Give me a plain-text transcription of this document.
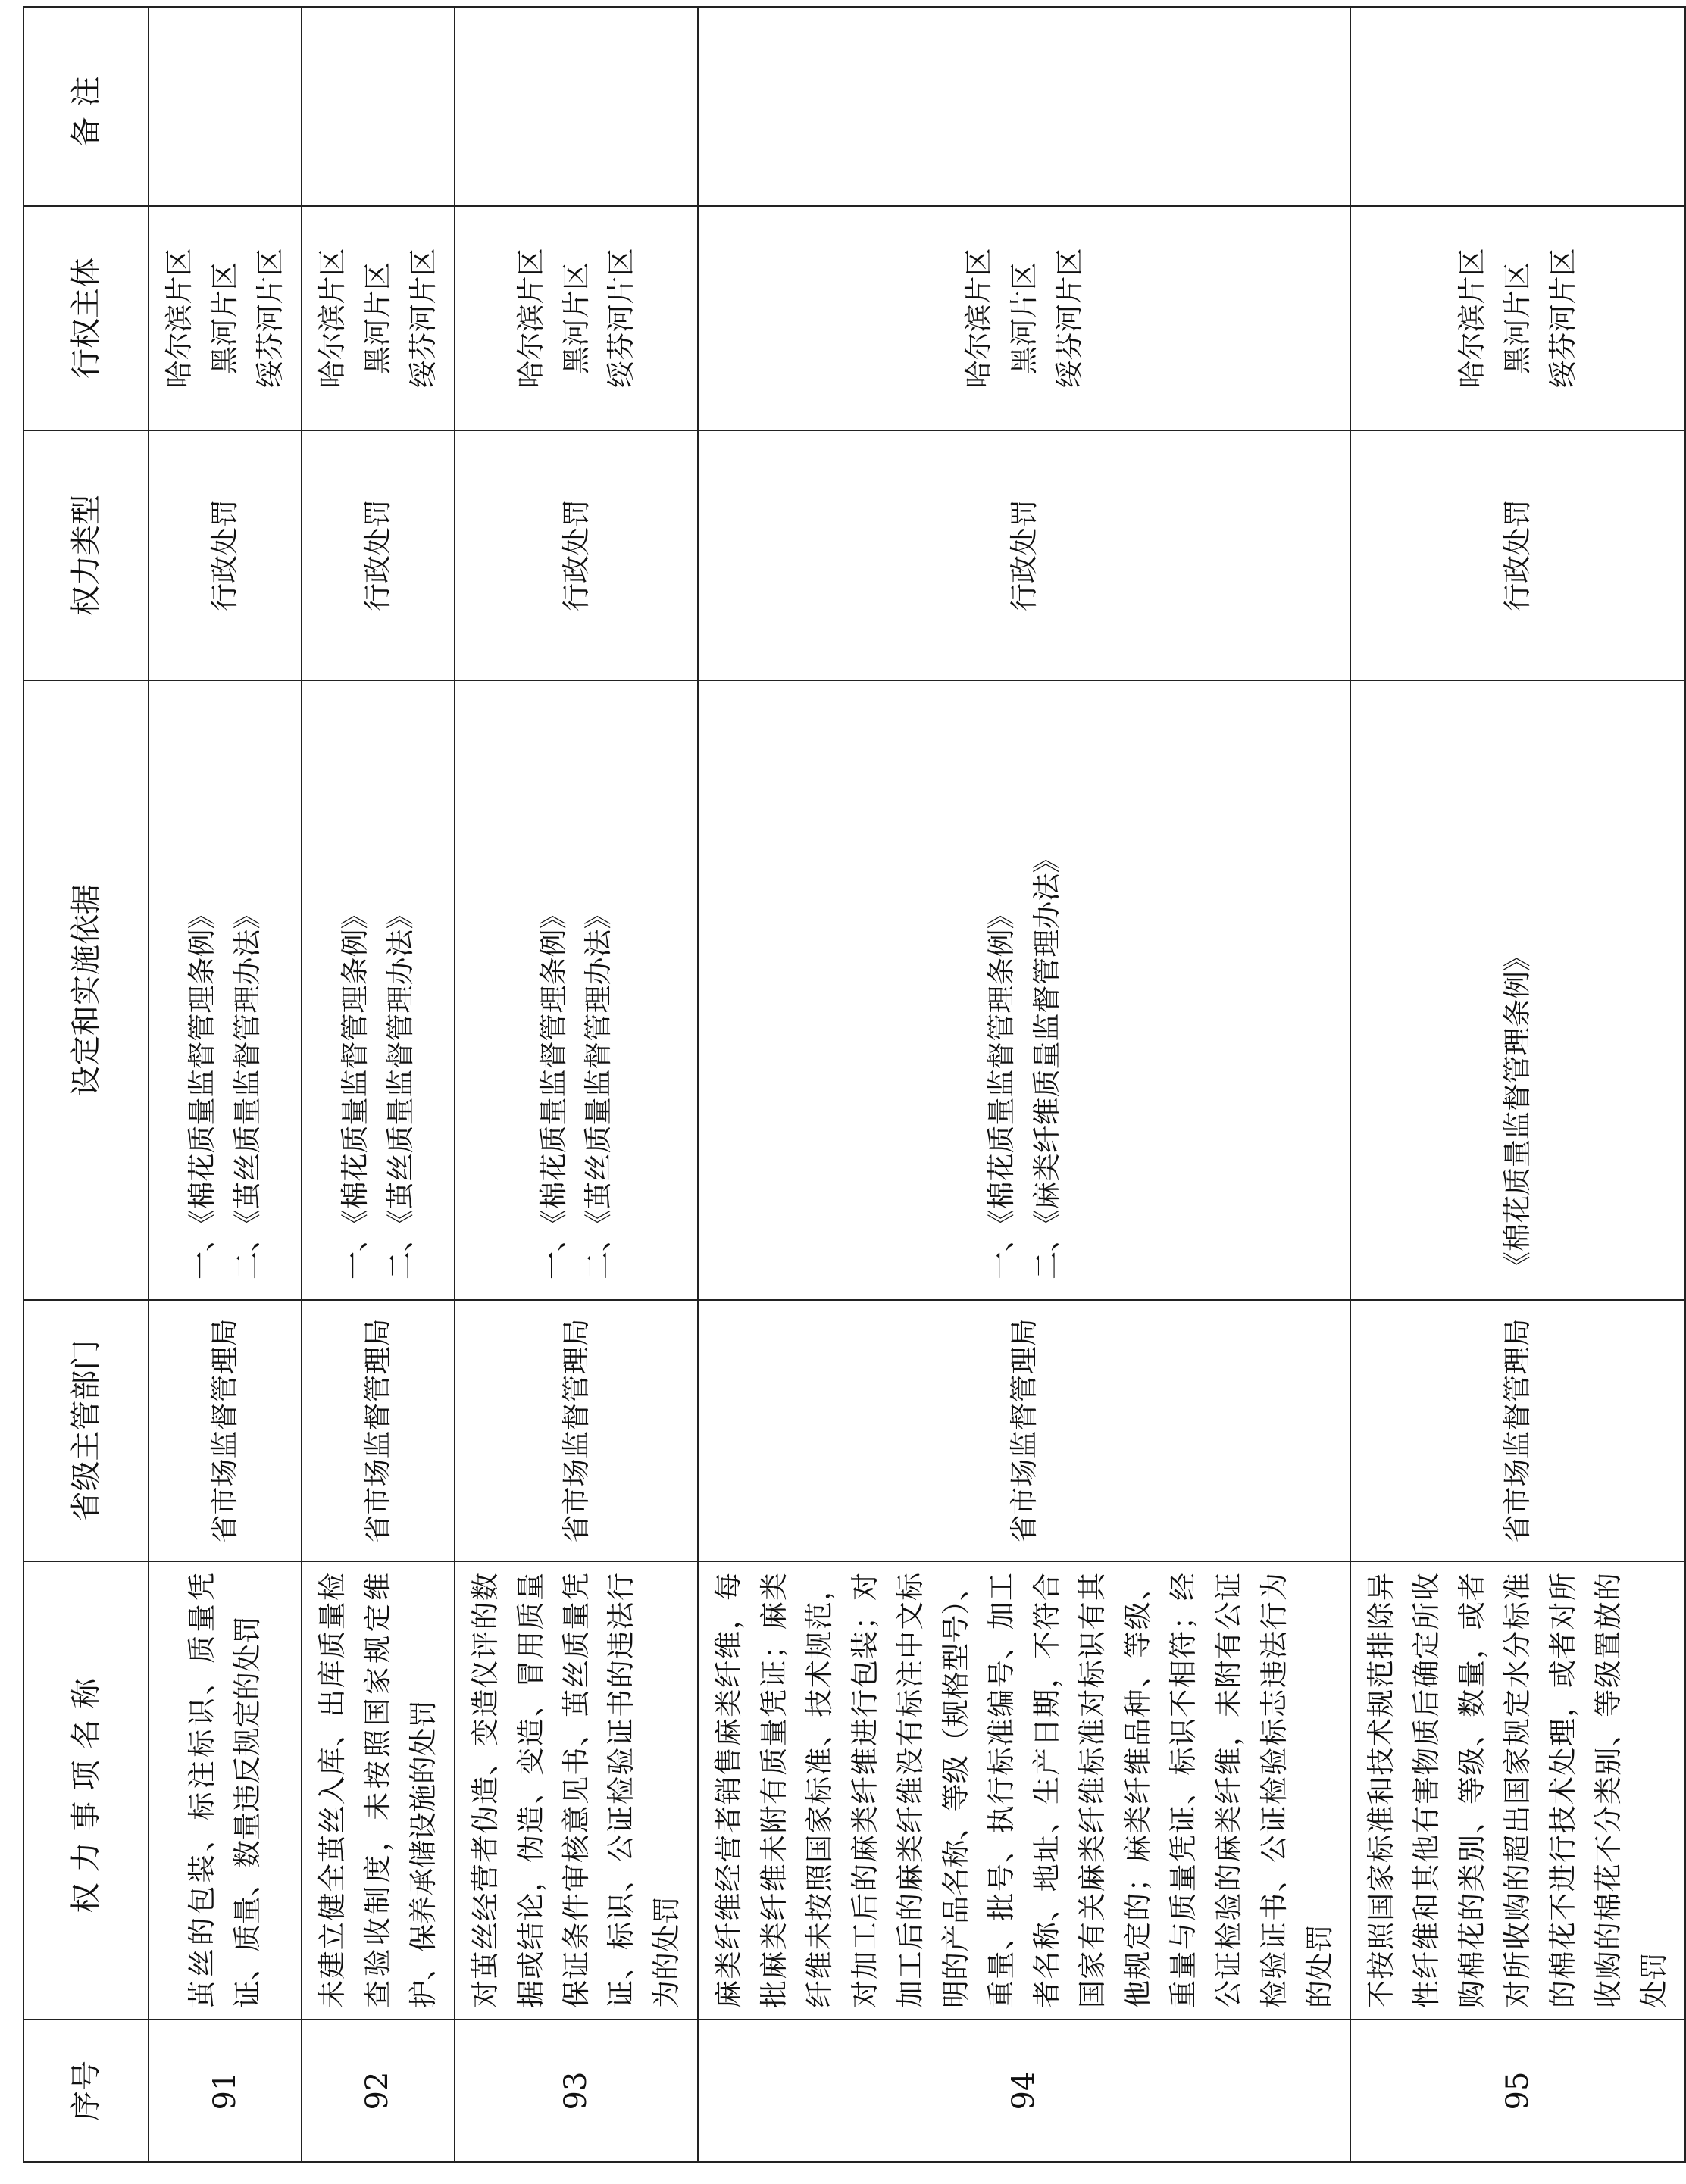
序号	权力事项名称	省级主管部门	设定和实施依据	权力类型	行权主体	备注
91	茧丝的包装、标注标识、质量凭证、质量、数量违反规定的处罚	省市场监督管理局	一、《棉花质量监督管理条例》 二、《茧丝质量监督管理办法》	行政处罚	哈尔滨片区 黑河片区 绥芬河片区	

92	未建立健全茧丝入库、出库质量检查验收制度，未按照国家规定维护、保养承储设施的处罚	省市场监督管理局	一、《棉花质量监督管理条例》 二、《茧丝质量监督管理办法》	行政处罚	哈尔滨片区 黑河片区 绥芬河片区	

93	对茧丝经营者伪造、变造仪评的数据或结论，伪造、变造、冒用质量保证条件审核意见书、茧丝质量凭证、标识、公证检验证书的违法行为的处罚	省市场监督管理局	一、《棉花质量监督管理条例》 二、《茧丝质量监督管理办法》	行政处罚	哈尔滨片区 黑河片区 绥芬河片区	

94	麻类纤维经营者销售麻类纤维，每批麻类纤维未附有质量凭证；麻类纤维未按照国家标准、技术规范，对加工后的麻类纤维进行包装；对加工后的麻类纤维没有标注中文标明的产品名称、等级（规格型号）、重量、批号、执行标准编号、加工者名称、地址、生产日期，不符合国家有关麻类纤维标准对标识有其他规定的；麻类纤维品种、等级、重量与质量凭证、标识不相符；经公证检验的麻类纤维，未附有公证检验证书、公证检验标志违法行为的处罚	省市场监督管理局	一、《棉花质量监督管理条例》 二、《麻类纤维质量监督管理办法》	行政处罚	哈尔滨片区 黑河片区 绥芬河片区	

95	不按照国家标准和技术规范排除异性纤维和其他有害物质后确定所收购棉花的类别、等级、数量，或者对所收购的超出国家规定水分标准的棉花不进行技术处理，或者对所收购的棉花不分类别、等级置放的处罚	省市场监督管理局	《棉花质量监督管理条例》	行政处罚	哈尔滨片区 黑河片区 绥芬河片区	
